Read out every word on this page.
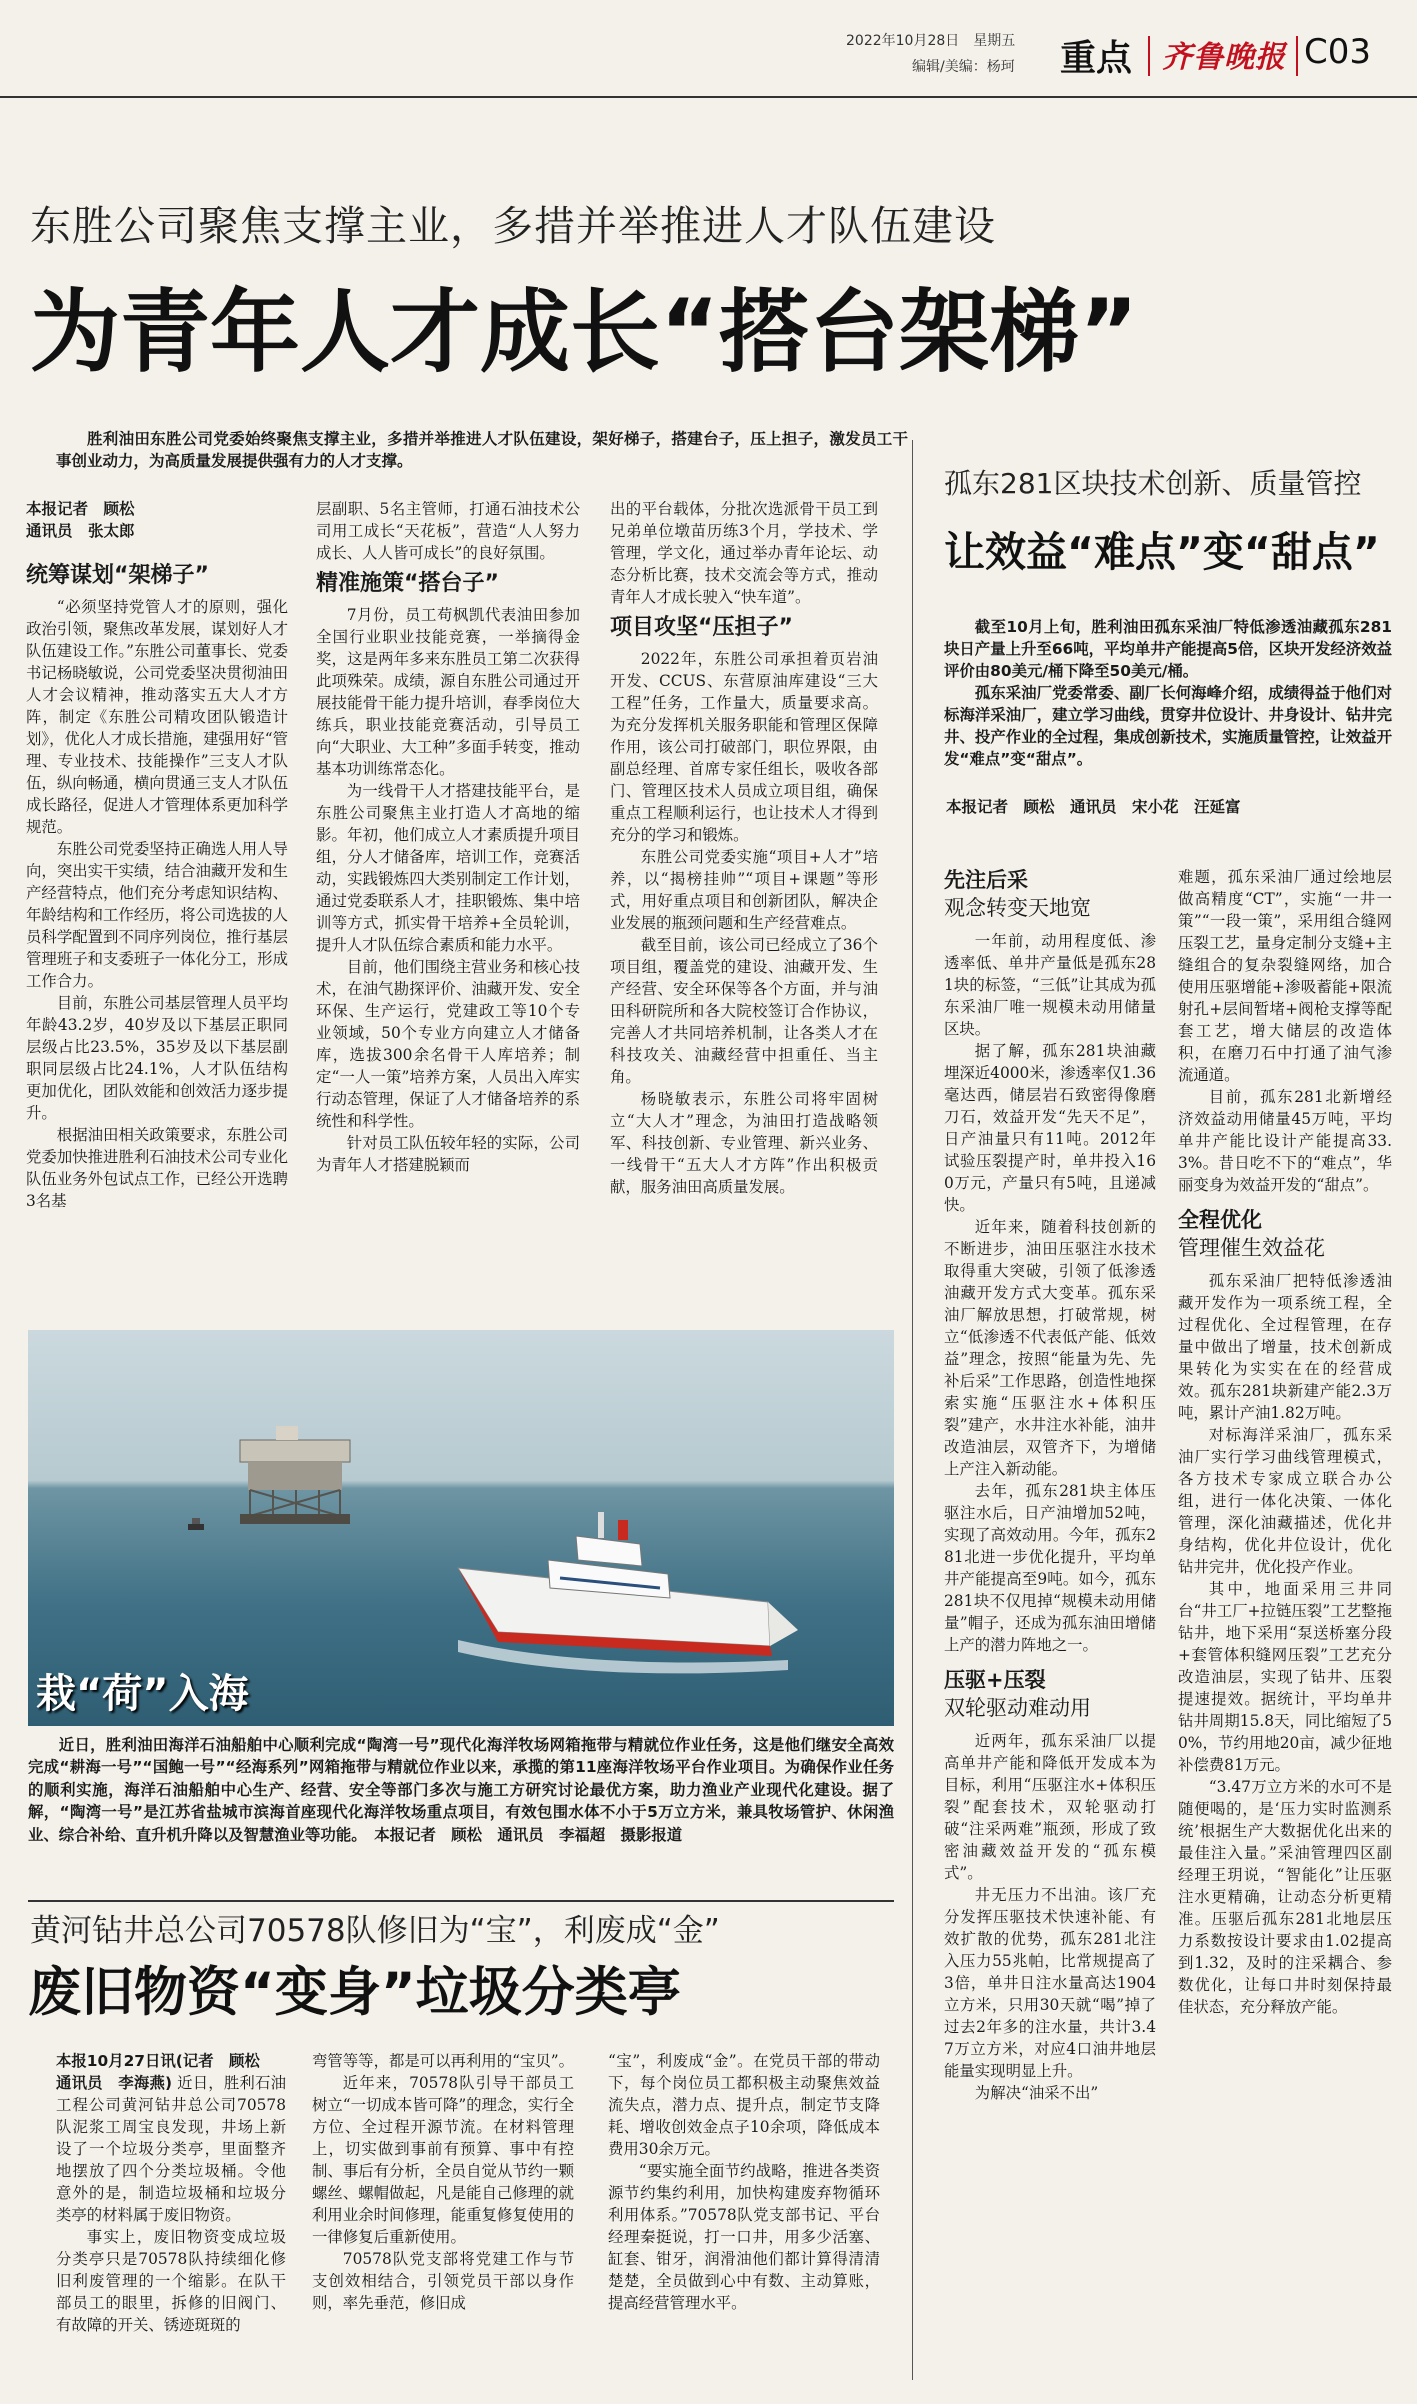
2022年10月28日　 星期五
编辑/美编：杨珂 重点 齐鲁晚报 C03
东胜公司聚焦支撑主业，多措并举推进人才队伍建设
为青年人才成长“搭台架梯”

胜利油田东胜公司党委始终聚焦支撑主业，多措并举推进人才队伍建设，架好梯子，搭建台子，压上担子，激发员工干事创业动力，为高质量发展提供强有力的人才支撑。

本报记者　顾松
通讯员　张太郎
统筹谋划“架梯子”

“必须坚持党管人才的原则，强化政治引领，聚焦改革发展，谋划好人才队伍建设工作。”东胜公司董事长、党委书记杨晓敏说，公司党委坚决贯彻油田人才会议精神，推动落实五大人才方阵，制定《东胜公司精攻团队锻造计划》，优化人才成长措施，建强用好“管理、专业技术、技能操作”三支人才队伍，纵向畅通，横向贯通三支人才队伍成长路径，促进人才管理体系更加科学规范。

东胜公司党委坚持正确选人用人导向，突出实干实绩，结合油藏开发和生产经营特点，他们充分考虑知识结构、年龄结构和工作经历，将公司选拔的人员科学配置到不同序列岗位，推行基层管理班子和支委班子一体化分工，形成工作合力。

目前，东胜公司基层管理人员平均年龄43.2岁，40岁及以下基层正职同层级占比23.5%，35岁及以下基层副职同层级占比24.1%，人才队伍结构更加优化，团队效能和创效活力逐步提升。

根据油田相关政策要求，东胜公司党委加快推进胜利石油技术公司专业化队伍业务外包试点工作，已经公开选聘3名基

层副职、5名主管师，打通石油技术公司用工成长“天花板”，营造“人人努力成长、人人皆可成长”的良好氛围。

精准施策“搭台子”

7月份，员工苟枫凯代表油田参加全国行业职业技能竞赛，一举摘得金奖，这是两年多来东胜员工第二次获得此项殊荣。成绩，源自东胜公司通过开展技能骨干能力提升培训，春季岗位大练兵，职业技能竞赛活动，引导员工向“大职业、大工种”多面手转变，推动基本功训练常态化。

为一线骨干人才搭建技能平台，是东胜公司聚焦主业打造人才高地的缩影。年初，他们成立人才素质提升项目组，分人才储备库，培训工作，竞赛活动，实践锻炼四大类别制定工作计划，通过党委联系人才，挂职锻炼、集中培训等方式，抓实骨干培养+全员轮训，提升人才队伍综合素质和能力水平。

目前，他们围绕主营业务和核心技术，在油气勘探评价、油藏开发、安全环保、生产运行，党建政工等10个专业领域，50个专业方向建立人才储备库，选拔300余名骨干人库培养；制定“一人一策”培养方案，人员出入库实行动态管理，保证了人才储备培养的系统性和科学性。

针对员工队伍较年轻的实际，公司为青年人才搭建脱颖而

出的平台载体，分批次选派骨干员工到兄弟单位墩苗历练3个月，学技术、学管理，学文化，通过举办青年论坛、动态分析比赛，技术交流会等方式，推动青年人才成长驶入“快车道”。

项目攻坚“压担子”

2022年，东胜公司承担着页岩油开发、CCUS、东营原油库建设“三大工程”任务，工作量大，质量要求高。为充分发挥机关服务职能和管理区保障作用，该公司打破部门，职位界限，由副总经理、首席专家任组长，吸收各部门、管理区技术人员成立项目组，确保重点工程顺利运行，也让技术人才得到充分的学习和锻炼。

东胜公司党委实施“项目+人才”培养，以“揭榜挂帅”“项目+课题”等形式，用好重点项目和创新团队，解决企业发展的瓶颈问题和生产经营难点。

截至目前，该公司已经成立了36个项目组，覆盖党的建设、油藏开发、生产经营、安全环保等各个方面，并与油田科研院所和各大院校签订合作协议，完善人才共同培养机制，让各类人才在科技攻关、油藏经营中担重任、当主角。

杨晓敏表示，东胜公司将牢固树立“大人才”理念，为油田打造战略领军、科技创新、专业管理、新兴业务、一线骨干“五大人才方阵”作出积极贡献，服务油田高质量发展。

栽“荷”入海

近日，胜利油田海洋石油船舶中心顺利完成“陶湾一号”现代化海洋牧场网箱拖带与精就位作业任务，这是他们继安全高效完成“耕海一号”“国鲍一号”“经海系列”网箱拖带与精就位作业以来，承揽的第11座海洋牧场平台作业项目。为确保作业任务的顺利实施，海洋石油船舶中心生产、经营、安全等部门多次与施工方研究讨论最优方案，助力渔业产业现代化建设。据了解，“陶湾一号”是江苏省盐城市滨海首座现代化海洋牧场重点项目，有效包围水体不小于5万立方米，兼具牧场管护、休闲渔业、综合补给、直升机升降以及智慧渔业等功能。　本报记者　顾松　通讯员　李福超　摄影报道

黄河钻井总公司70578队修旧为“宝”，利废成“金”
废旧物资“变身”垃圾分类亭

本报10月27日讯(记者　顾松
通讯员　李海燕) 近日，胜利石油工程公司黄河钻井总公司70578队泥浆工周宝良发现，井场上新设了一个垃圾分类亭，里面整齐地摆放了四个分类垃圾桶。令他意外的是，制造垃圾桶和垃圾分类亭的材料属于废旧物资。

事实上，废旧物资变成垃圾分类亭只是70578队持续细化修旧利废管理的一个缩影。在队干部员工的眼里，拆修的旧阀门、有故障的开关、锈迹斑斑的

弯管等等，都是可以再利用的“宝贝”。

近年来，70578队引导干部员工树立“一切成本皆可降”的理念，实行全方位、全过程开源节流。在材料管理上，切实做到事前有预算、事中有控制、事后有分析，全员自觉从节约一颗螺丝、螺帽做起，凡是能自己修理的就利用业余时间修理，能重复修复使用的一律修复后重新使用。

70578队党支部将党建工作与节支创效相结合，引领党员干部以身作则，率先垂范，修旧成

“宝”，利废成“金”。在党员干部的带动下，每个岗位员工都积极主动聚焦效益流失点，潜力点、提升点，制定节支降耗、增收创效金点子10余项，降低成本费用30余万元。

“要实施全面节约战略，推进各类资源节约集约利用，加快构建废弃物循环利用体系。”70578队党支部书记、平台经理秦挺说，打一口井，用多少活塞、缸套、钳牙，润滑油他们都计算得清清楚楚，全员做到心中有数、主动算账，提高经营管理水平。

孤东281区块技术创新、质量管控
让效益“难点”变“甜点”

截至10月上旬，胜利油田孤东采油厂特低渗透油藏孤东281块日产量上升至66吨，平均单井产能提高5倍，区块开发经济效益评价由80美元/桶下降至50美元/桶。

孤东采油厂党委常委、副厂长何海峰介绍，成绩得益于他们对标海洋采油厂，建立学习曲线，贯穿井位设计、井身设计、钻井完井、投产作业的全过程，集成创新技术，实施质量管控，让效益开发“难点”变“甜点”。

本报记者　顾松　通讯员　宋小花　汪延富
先注后采
观念转变天地宽

一年前，动用程度低、渗透率低、单井产量低是孤东281块的标签，“三低”让其成为孤东采油厂唯一规模未动用储量区块。

据了解，孤东281块油藏埋深近4000米，渗透率仅1.36毫达西，储层岩石致密得像磨刀石，效益开发“先天不足”，日产油量只有11吨。2012年试验压裂提产时，单井投入160万元，产量只有5吨，且递减快。

近年来，随着科技创新的不断进步，油田压驱注水技术取得重大突破，引领了低渗透油藏开发方式大变革。孤东采油厂解放思想，打破常规，树立“低渗透不代表低产能、低效益”理念，按照“能量为先、先补后采”工作思路，创造性地探索实施“压驱注水+体积压裂”建产，水井注水补能，油井改造油层，双管齐下，为增储上产注入新动能。

去年，孤东281块主体压驱注水后，日产油增加52吨，实现了高效动用。今年，孤东281北进一步优化提升，平均单井产能提高至9吨。如今，孤东281块不仅甩掉“规模未动用储量”帽子，还成为孤东油田增储上产的潜力阵地之一。

压驱+压裂
双轮驱动难动用

近两年，孤东采油厂以提高单井产能和降低开发成本为目标，利用“压驱注水+体积压裂”配套技术，双轮驱动打破“注采两难”瓶颈，形成了致密油藏效益开发的“孤东模式”。

井无压力不出油。该厂充分发挥压驱技术快速补能、有效扩散的优势，孤东281北注入压力55兆帕，比常规提高了3倍，单井日注水量高达1904立方米，只用30天就“喝”掉了过去2年多的注水量，共计3.47万立方米，对应4口油井地层能量实现明显上升。

为解决“油采不出”

难题，孤东采油厂通过绘地层做高精度“CT”，实施“一井一策”“一段一策”，采用组合缝网压裂工艺，量身定制分支缝+主缝组合的复杂裂缝网络，加合使用压驱增能+渗吸蓄能+限流射孔+层间暂堵+阀枪支撑等配套工艺，增大储层的改造体积，在磨刀石中打通了油气渗流通道。

目前，孤东281北新增经济效益动用储量45万吨，平均单井产能比设计产能提高33.3%。昔日吃不下的“难点”，华丽变身为效益开发的“甜点”。

全程优化
管理催生效益花

孤东采油厂把特低渗透油藏开发作为一项系统工程，全过程优化、全过程管理，在存量中做出了增量，技术创新成果转化为实实在在的经营成效。孤东281块新建产能2.3万吨，累计产油1.82万吨。

对标海洋采油厂，孤东采油厂实行学习曲线管理模式，各方技术专家成立联合办公组，进行一体化决策、一体化管理，深化油藏描述，优化井身结构，优化井位设计，优化钻井完井，优化投产作业。

其中，地面采用三井同台“井工厂+拉链压裂”工艺整拖钻井，地下采用“泵送桥塞分段+套管体积缝网压裂”工艺充分改造油层，实现了钻井、压裂提速提效。据统计，平均单井钻井周期15.8天，同比缩短了50%，节约用地20亩，减少征地补偿费81万元。

“3.47万立方米的水可不是随便喝的，是‘压力实时监测系统’根据生产大数据优化出来的最佳注入量。”采油管理四区副经理王玥说，“智能化”让压驱注水更精确，让动态分析更精准。压驱后孤东281北地层压力系数按设计要求由1.02提高到1.32，及时的注采耦合、参数优化，让每口井时刻保持最佳状态，充分释放产能。
